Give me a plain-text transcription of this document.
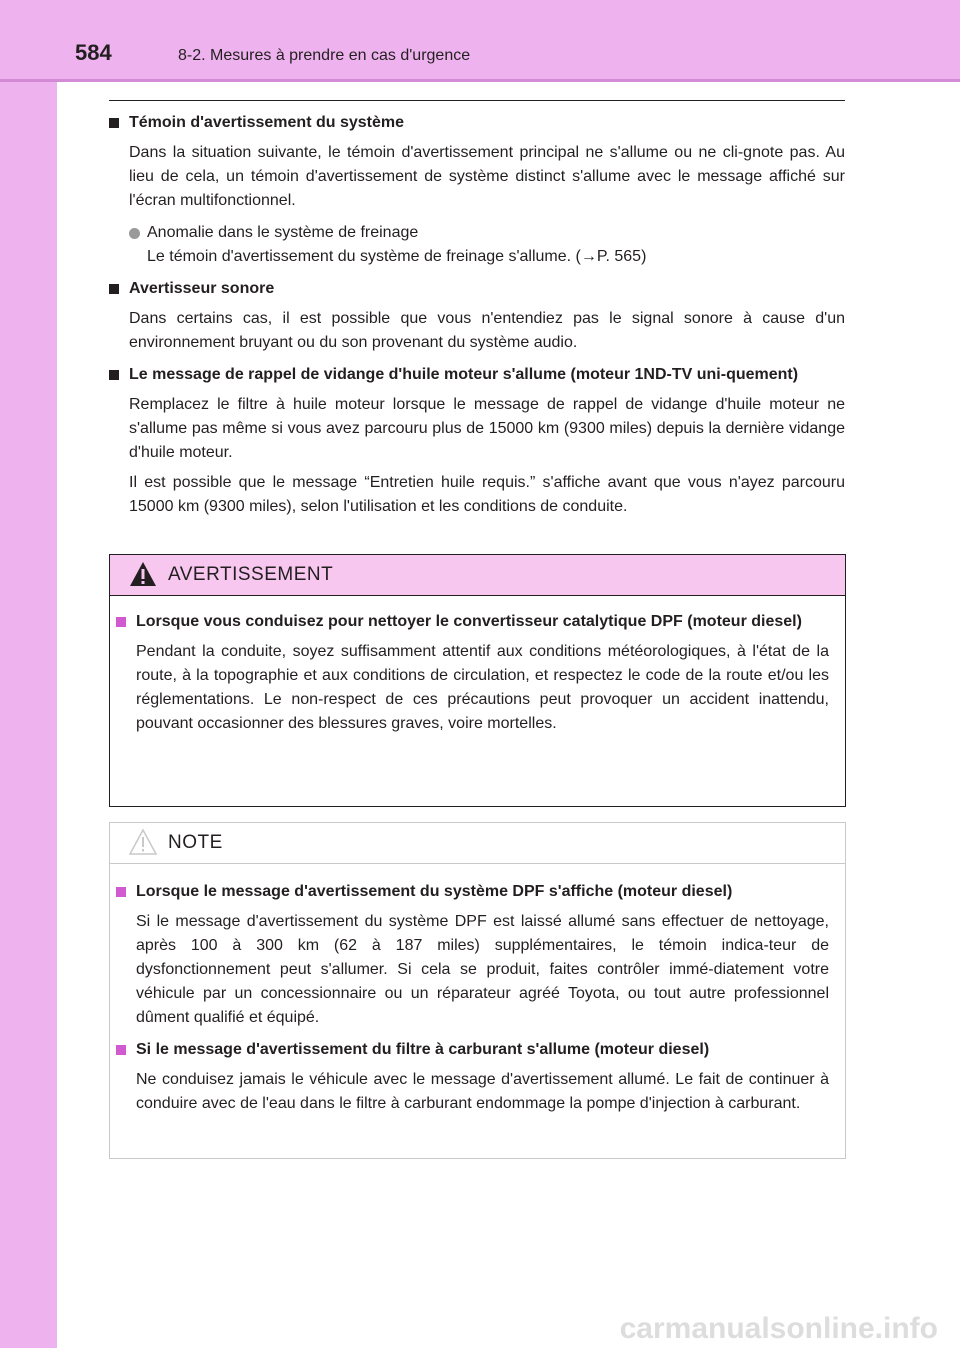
584	8-2. Mesures à prendre en cas d'urgence
Témoin d'avertissement du système
Dans la situation suivante, le témoin d'avertissement principal ne s'allume ou ne cli-gnote pas. Au lieu de cela, un témoin d'avertissement de système distinct s'allume avec le message affiché sur l'écran multifonctionnel.
Anomalie dans le système de freinage
Le témoin d'avertissement du système de freinage s'allume. (→P. 565)
Avertisseur sonore
Dans certains cas, il est possible que vous n'entendiez pas le signal sonore à cause d'un environnement bruyant ou du son provenant du système audio.
Le message de rappel de vidange d'huile moteur s'allume (moteur 1ND-TV uni-quement)
Remplacez le filtre à huile moteur lorsque le message de rappel de vidange d'huile moteur ne s'allume pas même si vous avez parcouru plus de 15000 km (9300 miles) depuis la dernière vidange d'huile moteur.
Il est possible que le message “Entretien huile requis.” s'affiche avant que vous n'ayez parcouru 15000 km (9300 miles), selon l'utilisation et les conditions de conduite.
AVERTISSEMENT
Lorsque vous conduisez pour nettoyer le convertisseur catalytique DPF (moteur diesel)
Pendant la conduite, soyez suffisamment attentif aux conditions météorologiques, à l'état de la route, à la topographie et aux conditions de circulation, et respectez le code de la route et/ou les réglementations. Le non-respect de ces précautions peut provoquer un accident inattendu, pouvant occasionner des blessures graves, voire mortelles.
NOTE
Lorsque le message d'avertissement du système DPF s'affiche (moteur diesel)
Si le message d'avertissement du système DPF est laissé allumé sans effectuer de nettoyage, après 100 à 300 km (62 à 187 miles) supplémentaires, le témoin indica-teur de dysfonctionnement peut s'allumer. Si cela se produit, faites contrôler immé-diatement votre véhicule par un concessionnaire ou un réparateur agréé Toyota, ou tout autre professionnel dûment qualifié et équipé.
Si le message d'avertissement du filtre à carburant s'allume (moteur diesel)
Ne conduisez jamais le véhicule avec le message d'avertissement allumé. Le fait de continuer à conduire avec de l'eau dans le filtre à carburant endommage la pompe d'injection à carburant.
carmanualsonline.info
